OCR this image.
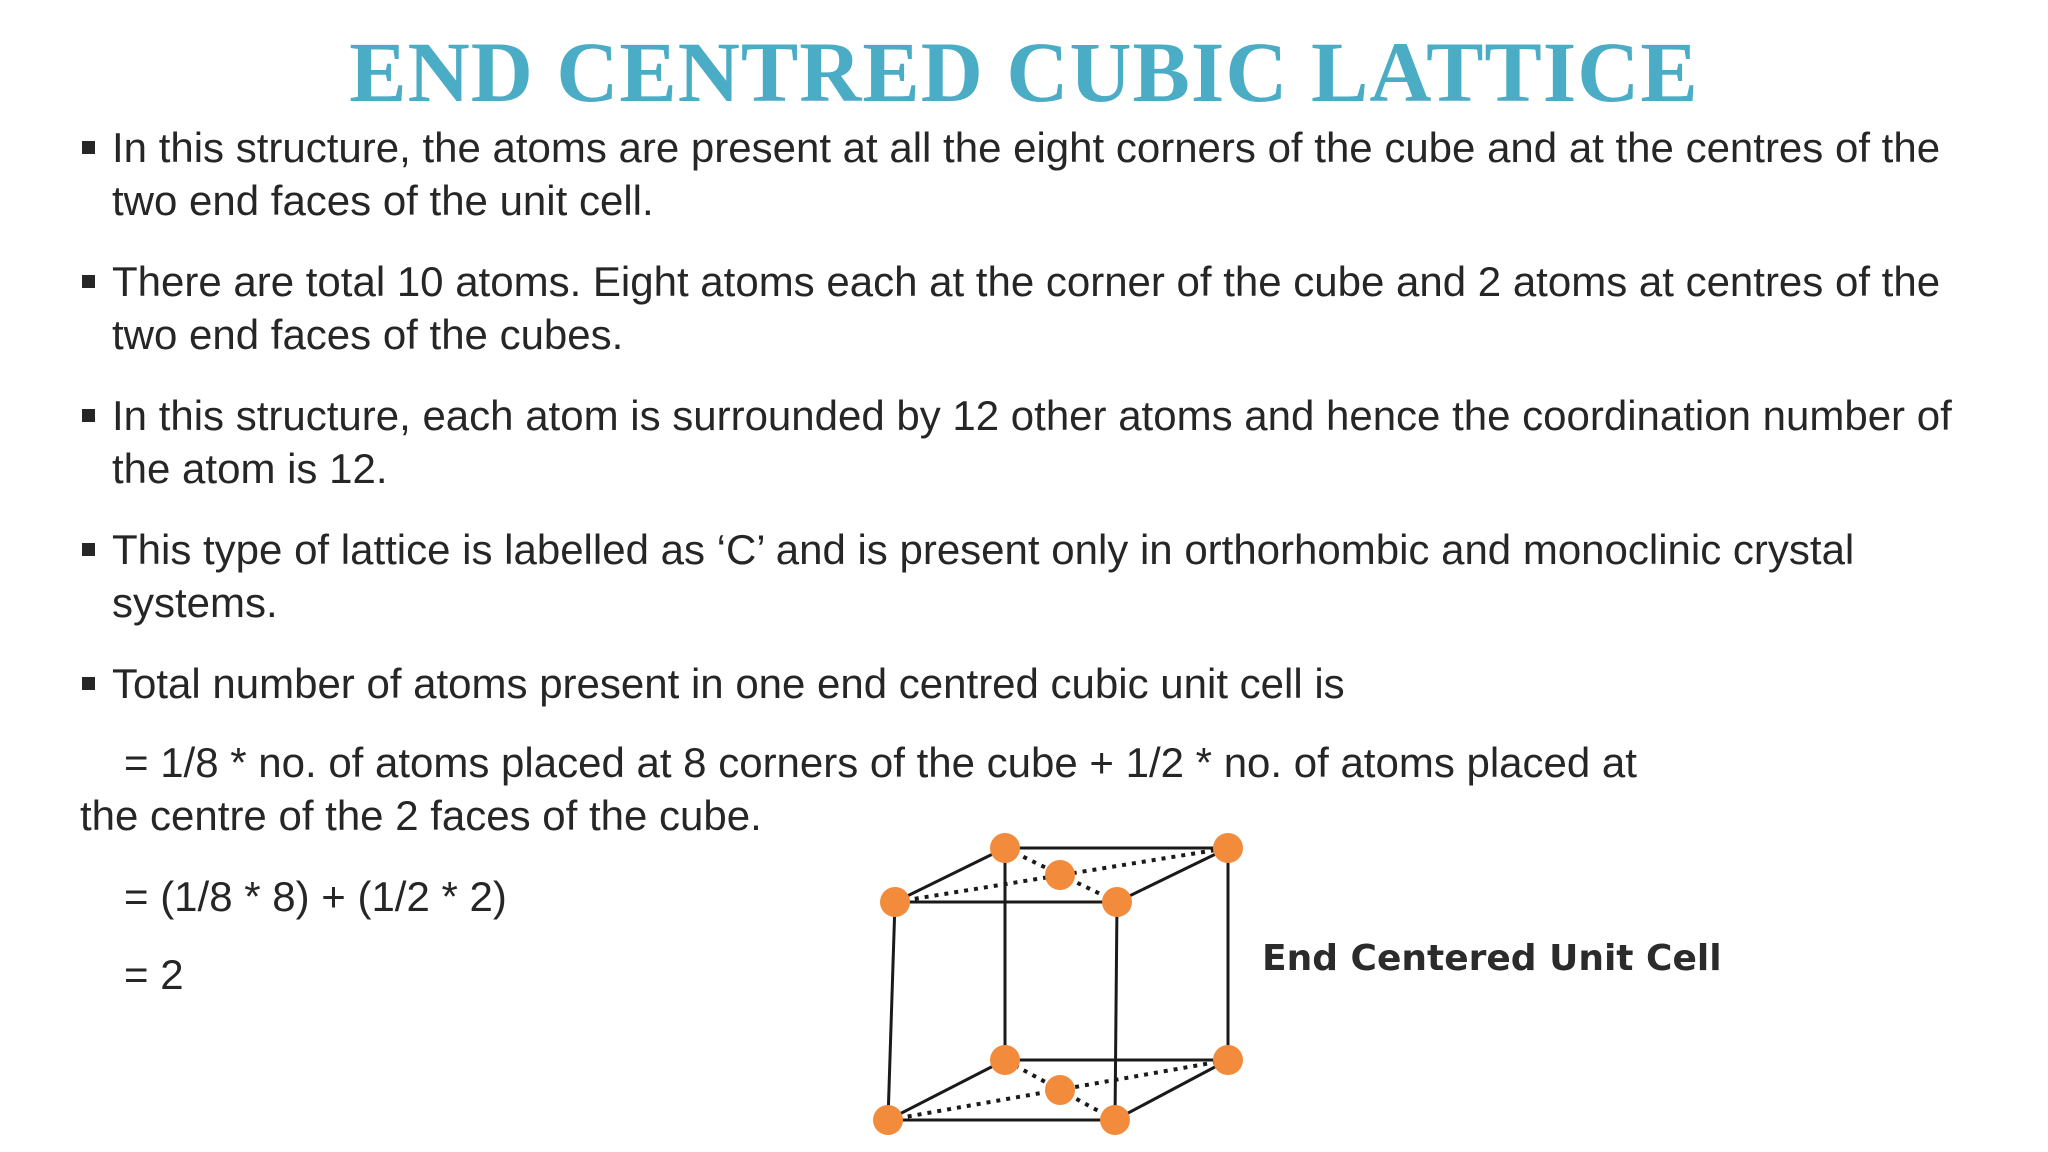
END CENTRED CUBIC LATTICE
In this structure, the atoms are present at all the eight corners of the cube and at the centres of the two end faces of the unit cell.
There are total 10 atoms. Eight atoms each at the corner of the cube and 2 atoms at centres of the two end faces of the cubes.
In this structure, each atom is surrounded by 12 other atoms and hence the coordination number of the atom is 12.
This type of lattice is labelled as ‘C’ and is present only in orthorhombic and monoclinic crystal systems.
Total number of atoms present in one end centred cubic unit cell is
= 1/8 * no. of atoms placed at 8 corners of the cube + 1/2 * no. of atoms placed at
the centre of the 2 faces of the cube.
= (1/8 * 8) + (1/2 * 2)
= 2	End Centered Unit Cell
